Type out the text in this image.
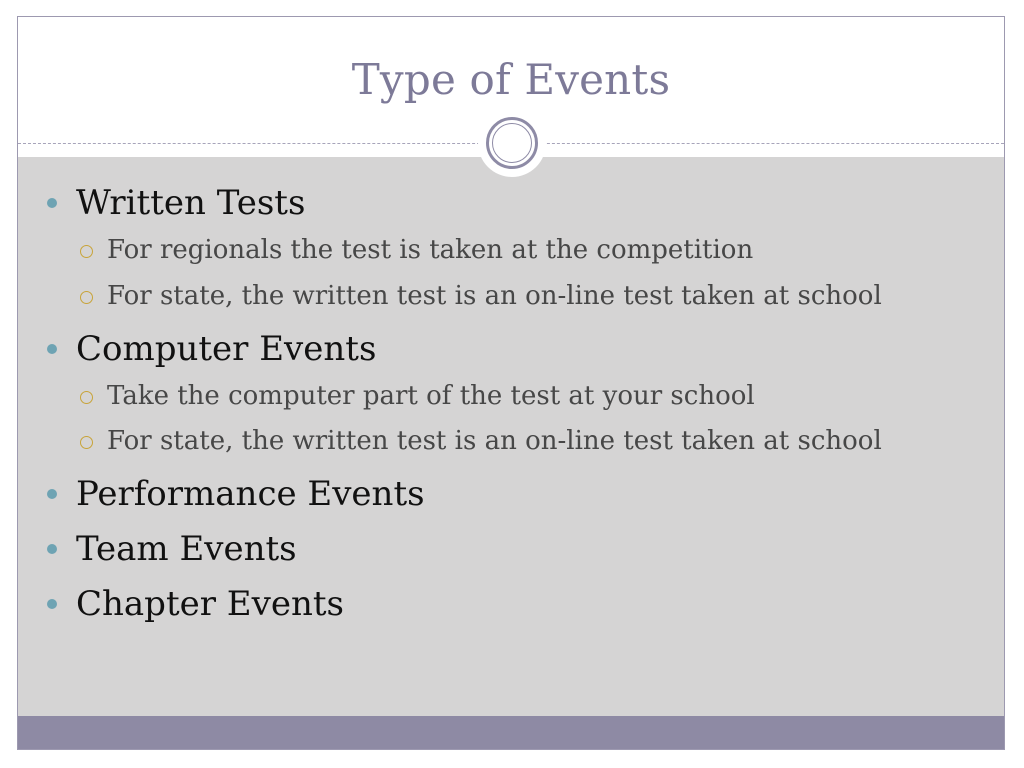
Type of Events
Written Tests
For regionals the test is taken at the competition
For state, the written test is an on-line test taken at school
Computer Events
Take the computer part of the test at your school
For state, the written test is an on-line test taken at school
Performance Events
Team Events
Chapter Events
